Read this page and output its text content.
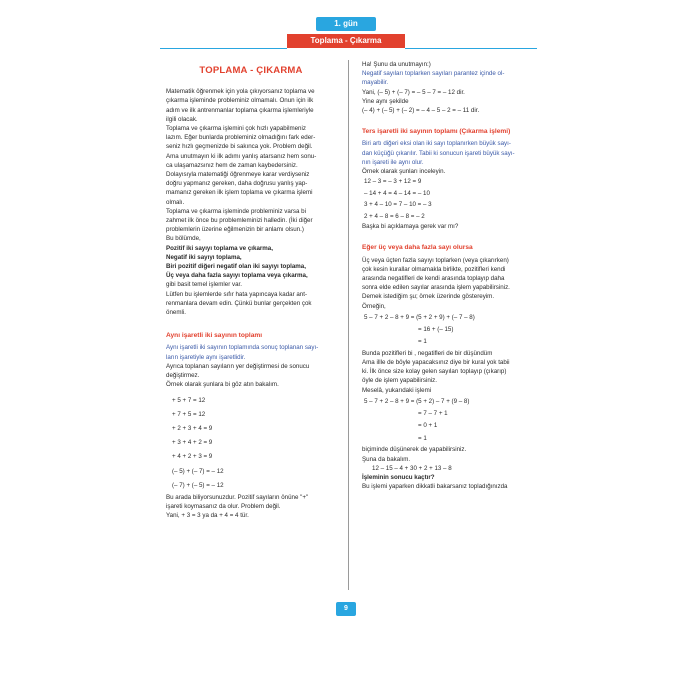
1. gün
Toplama - Çıkarma

TOPLAMA - ÇIKARMA

Matematik öğrenmek için yola çıkıyorsanız toplama ve

çıkarma işleminde probleminiz olmamalı. Onun için ilk

adım ve ilk antrenmanlar toplama çıkarma işlemleriyle

ilgili olacak.

Toplama ve çıkarma işlemini çok hızlı yapabilmeniz

lazım. Eğer bunlarda probleminiz olmadığını fark eder-

seniz hızlı geçmenizde bi sakınca yok. Problem değil.

Ama unutmayın ki ilk adımı yanlış atarsanız hem sonu-

ca ulaşamazsınız hem de zaman kaybedersiniz.

Dolayısıyla matematiği öğrenmeye karar verdiyseniz

doğru yapmanız gereken, daha doğrusu yanlış yap-

mamanız gereken ilk işlem toplama ve çıkarma işlemi

olmalı.

Toplama ve çıkarma işleminde probleminiz varsa bi

zahmet ilk önce bu problemleminizi halledin. (İki diğer

problemlerin üzerine eğilmenizin bir anlamı olsun.)

Bu bölümde,

Pozitif iki sayıyı toplama ve çıkarma,

Negatif iki sayıyı toplama,

Biri pozitif diğeri negatif olan iki sayıyı toplama,

Üç veya daha fazla sayıyı toplama veya çıkarma,

gibi basit temel işlemler var.

Lütfen bu işlemlerde sıfır hata yapıncaya kadar ant-

renmanlara devam edin. Çünkü bunlar gerçekten çok

önemli.

Aynı işaretli iki sayının toplamı

Aynı işaretli iki sayının toplamında sonuç toplanan sayı-

ların işaretiyle aynı işaretlidir.

Ayrıca toplanan sayıların yer değiştirmesi de sonucu

değiştirmez.

Örnek olarak şunlara bi göz atın bakalım.

+ 5 + 7 = 12

+ 7 + 5 = 12

+ 2 + 3 + 4 = 9

+ 3 + 4 + 2 = 9

+ 4 + 2 + 3 = 9

(– 5) + (– 7) = – 12

(– 7) + (– 5) = – 12

Bu arada biliyorsunuzdur. Pozitif sayıların önüne "+"

işareti koymasanız da olur. Problem değil.

Yani, + 3 = 3 ya da + 4 = 4 tür.

Ha! Şunu da unutmayın:)

Negatif sayıları toplarken sayıları parantez içinde ol-

mayabilir.

Yani, (– 5) + (– 7) = – 5 – 7 = – 12 dir.

Yine aynı şekilde

(– 4) + (– 5) + (– 2) = – 4 – 5 – 2 = – 11 dir.

Ters işaretli iki sayının toplamı (Çıkarma işlemi)

Biri artı diğeri eksi olan iki sayı toplanırken büyük sayı-

dan küçüğü çıkarılır. Tabii ki sonucun işareti büyük sayı-

nın işareti ile aynı olur.

Örnek olarak şunları inceleyin.

12 – 3 = – 3 + 12 = 9

– 14 + 4 = 4 – 14 = – 10

3 + 4 – 10 = 7 – 10 = – 3

2 + 4 – 8 = 6 – 8 = – 2

Başka bi açıklamaya gerek var mı?

Eğer üç veya daha fazla sayı olursa

Üç veya üçten fazla sayıyı toplarken (veya çıkarırken)

çok kesin kurallar olmamakla birlikte, pozitifleri kendi

arasında negatifleri de kendi arasında toplayıp daha

sonra elde edilen sayılar arasında işlem yapabilirsiniz.

Demek istediğim şu; örnek üzerinde göstereyim.

Örneğin,

5 – 7 + 2 – 8 + 9 = (5 + 2 + 9) + (– 7 – 8)

= 16 + (– 15)

= 1

Bunda pozitifleri bi , negatifleri de bir düşündüm

Ama illle de böyle yapacaksınız diye bir kural yok tabii

ki. İlk önce size kolay gelen sayıları toplayıp (çıkarıp)

öyle de işlem yapabilirsiniz.

Meselâ, yukarıdaki işlemi

5 – 7 + 2 – 8 + 9 = (5 + 2) – 7 + (9 – 8)

= 7 – 7 + 1

= 0 + 1

= 1

biçiminde düşünerek de yapabilirsiniz.

Şuna da bakalım.

12 – 15 – 4 + 30 + 2 + 13 – 8

İşleminin sonucu kaçtır?

Bu işlemi yaparken dikkatli bakarsanız topladığınızda

9
